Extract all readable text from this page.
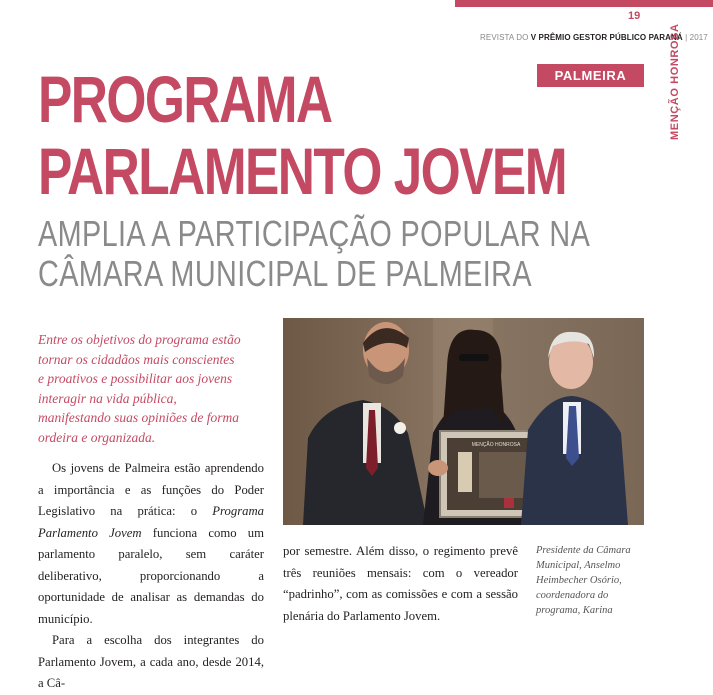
19
REVISTA DO V PRÊMIO GESTOR PÚBLICO PARANÁ | 2017
MENÇÃO HONROSA
PALMEIRA
PROGRAMA
PARLAMENTO JOVEM
AMPLIA A PARTICIPAÇÃO POPULAR NA
CÂMARA MUNICIPAL DE PALMEIRA
Entre os objetivos do programa estão
tornar os cidadãos mais conscientes
e proativos e possibilitar aos jovens
interagir na vida pública,
manifestando suas opiniões de forma
ordeira e organizada.

Os jovens de Palmeira estão aprendendo a importância e as funções do Poder Legislativo na prática: o Programa Parlamento Jovem funciona como um parlamento paralelo, sem caráter deliberativo, proporcionando a oportunidade de analisar as demandas do município.

Para a escolha dos integrantes do Parlamento Jovem, a cada ano, desde 2014, a Câ-

MENÇÃO HONROSA

por semestre. Além disso, o regimento prevê três reuniões mensais: com o vereador “padrinho”, com as comissões e com a sessão plenária do Parlamento Jovem.

Presidente da Câmara Municipal, Anselmo Heimbecher Osório, coordenadora do programa, Karina
